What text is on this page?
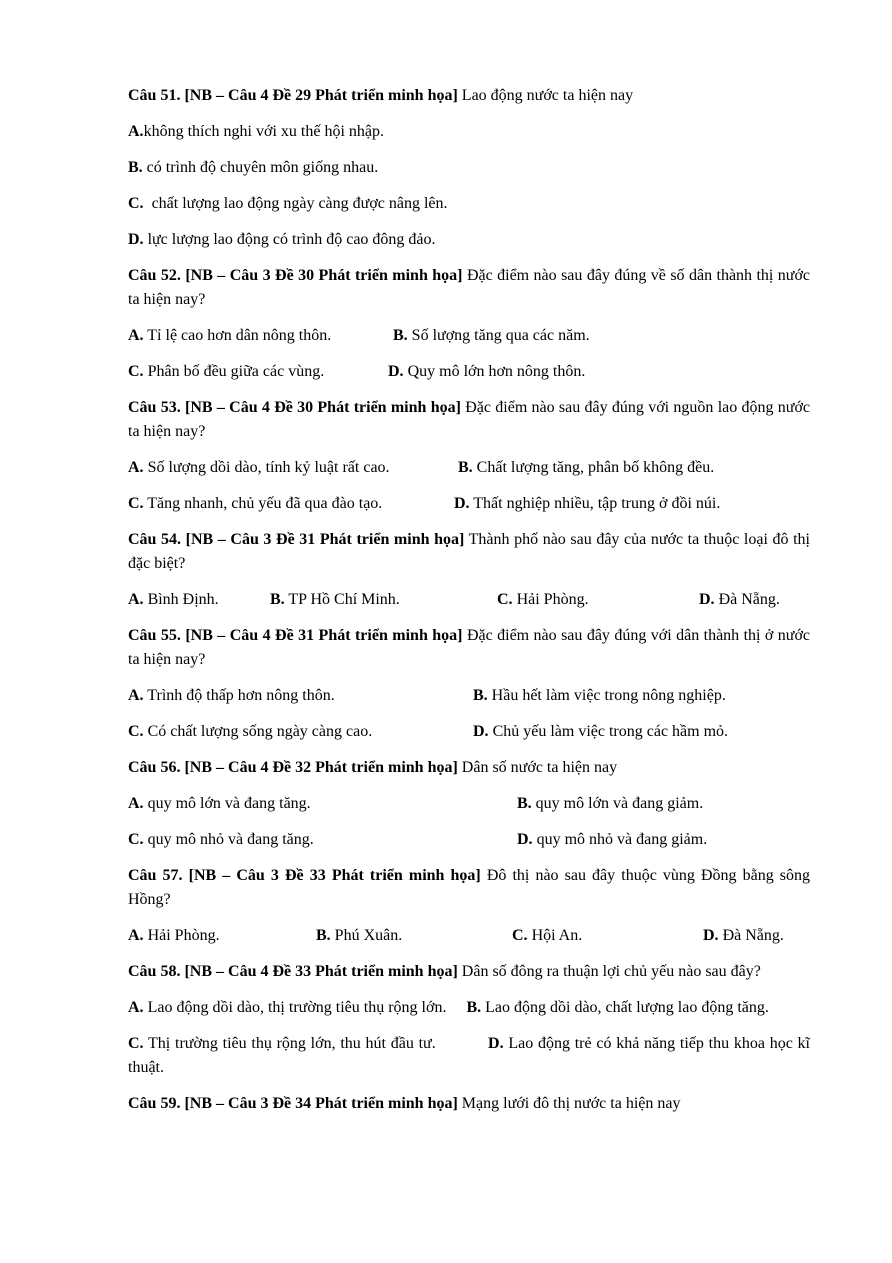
Câu 51. [NB – Câu 4 Đề 29 Phát triển minh họa] Lao động nước ta hiện nay

A.không thích nghi với xu thế hội nhập.

B. có trình độ chuyên môn giống nhau.

C.  chất lượng lao động ngày càng được nâng lên.

D. lực lượng lao động có trình độ cao đông đảo.

Câu 52. [NB – Câu 3 Đề 30 Phát triển minh họa] Đặc điểm nào sau đây đúng về số dân thành thị nước ta hiện nay?

A. Tỉ lệ cao hơn dân nông thôn.	B. Số lượng tăng qua các năm.
C. Phân bố đều giữa các vùng.	D. Quy mô lớn hơn nông thôn.

Câu 53. [NB – Câu 4 Đề 30 Phát triển minh họa] Đặc điểm nào sau đây đúng với nguồn lao động nước ta hiện nay?

A. Số lượng dồi dào, tính kỷ luật rất cao.	B. Chất lượng tăng, phân bố không đều.
C. Tăng nhanh, chủ yếu đã qua đào tạo.	D. Thất nghiệp nhiều, tập trung ở đồi núi.

Câu 54. [NB – Câu 3 Đề 31 Phát triển minh họa] Thành phố nào sau đây của nước ta thuộc loại đô thị đặc biệt?

A. Bình Định.	B. TP Hồ Chí Minh.	C. Hải Phòng.	D. Đà Nẵng.

Câu 55. [NB – Câu 4 Đề 31 Phát triển minh họa] Đặc điểm nào sau đây đúng với dân thành thị ở nước ta hiện nay?

A. Trình độ thấp hơn nông thôn.	B. Hầu hết làm việc trong nông nghiệp.
C. Có chất lượng sống ngày càng cao.	D. Chủ yếu làm việc trong các hầm mỏ.

Câu 56. [NB – Câu 4 Đề 32 Phát triển minh họa] Dân số nước ta hiện nay

A. quy mô lớn và đang tăng.	B. quy mô lớn và đang giảm.
C. quy mô nhỏ và đang tăng.	D. quy mô nhỏ và đang giảm.

Câu 57. [NB – Câu 3 Đề 33 Phát triển minh họa] Đô thị nào sau đây thuộc vùng Đồng bằng sông Hồng?

A. Hải Phòng.	B. Phú Xuân.	C. Hội An.	D. Đà Nẵng.

Câu 58. [NB – Câu 4 Đề 33 Phát triển minh họa] Dân số đông ra thuận lợi chủ yếu nào sau đây?

A. Lao động dồi dào, thị trường tiêu thụ rộng lớn. B. Lao động dồi dào, chất lượng lao động tăng.

C. Thị trường tiêu thụ rộng lớn, thu hút đầu tư.	D. Lao động trẻ có khả năng tiếp thu khoa học kĩ thuật.

Câu 59. [NB – Câu 3 Đề 34 Phát triển minh họa] Mạng lưới đô thị nước ta hiện nay
